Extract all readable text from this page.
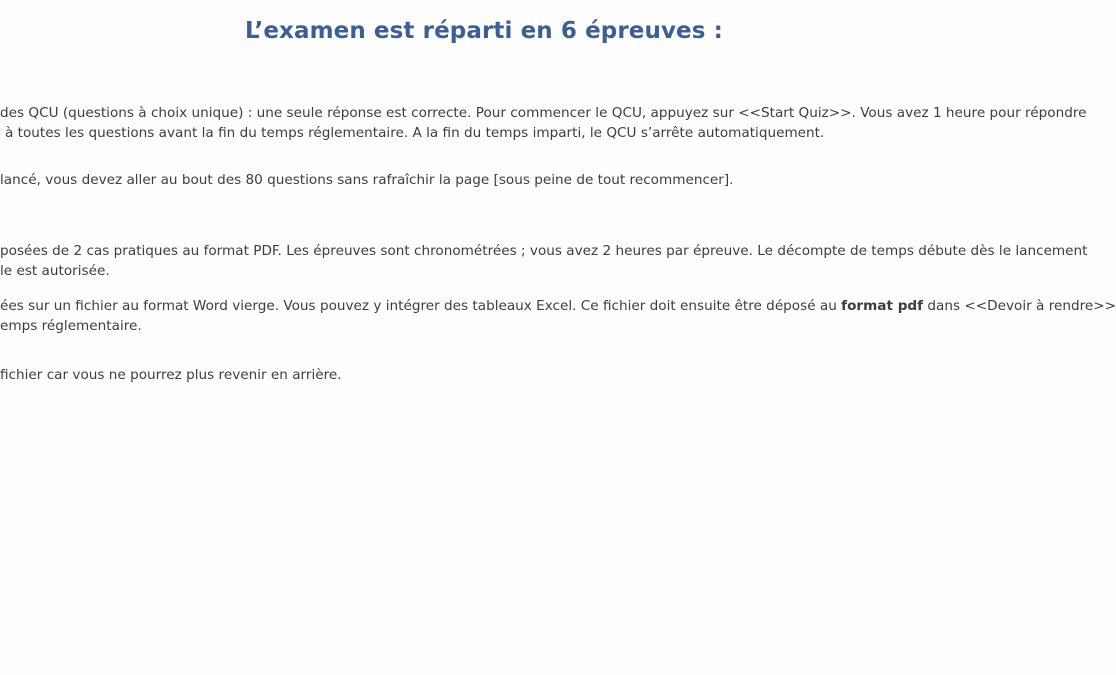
L’examen est réparti en 6 épreuves :

des QCU (questions à choix unique) : une seule réponse est correcte. Pour commencer le QCU, appuyez sur <<Start Quiz>>. Vous avez 1 heure pour répondre

à toutes les questions avant la fin du temps réglementaire. A la fin du temps imparti, le QCU s’arrête automatiquement.

lancé, vous devez aller au bout des 80 questions sans rafraîchir la page [sous peine de tout recommencer].

posées de 2 cas pratiques au format PDF. Les épreuves sont chronométrées ; vous avez 2 heures par épreuve. Le décompte de temps débute dès le lancement

le est autorisée.

ées sur un fichier au format Word vierge. Vous pouvez y intégrer des tableaux Excel. Ce fichier doit ensuite être déposé au format pdf dans <<Devoir à rendre>>

emps réglementaire.

fichier car vous ne pourrez plus revenir en arrière.
